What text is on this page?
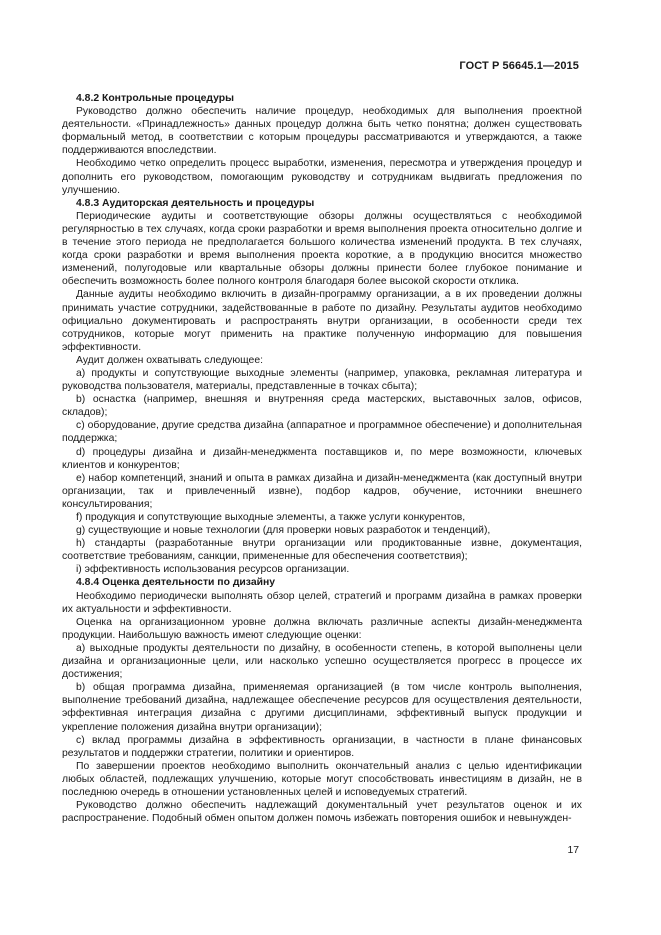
ГОСТ Р 56645.1—2015

4.8.2 Контрольные процедуры

Руководство должно обеспечить наличие процедур, необходимых для выполнения проектной деятельности. «Принадлежность» данных процедур должна быть четко понятна; должен существовать формальный метод, в соответствии с которым процедуры рассматриваются и утверждаются, а также поддерживаются впоследствии.

Необходимо четко определить процесс выработки, изменения, пересмотра и утверждения процедур и дополнить его руководством, помогающим руководству и сотрудникам выдвигать предложения по улучшению.

4.8.3 Аудиторская деятельность и процедуры

Периодические аудиты и соответствующие обзоры должны осуществляться с необходимой регулярностью в тех случаях, когда сроки разработки и время выполнения проекта относительно долгие и в течение этого периода не предполагается большого количества изменений продукта. В тех случаях, когда сроки разработки и время выполнения проекта короткие, а в продукцию вносится множество изменений, полугодовые или квартальные обзоры должны принести более глубокое понимание и обеспечить возможность более полного контроля благодаря более высокой скорости отклика.

Данные аудиты необходимо включить в дизайн-программу организации, а в их проведении должны принимать участие сотрудники, задействованные в работе по дизайну. Результаты аудитов необходимо официально документировать и распространять внутри организации, в особенности среди тех сотрудников, которые могут применить на практике полученную информацию для повышения эффективности.

Аудит должен охватывать следующее:

а) продукты и сопутствующие выходные элементы (например, упаковка, рекламная литература и руководства пользователя, материалы, представленные в точках сбыта);

b) оснастка (например, внешняя и внутренняя среда мастерских, выставочных залов, офисов, складов);

с) оборудование, другие средства дизайна (аппаратное и программное обеспечение) и дополнительная поддержка;

d) процедуры дизайна и дизайн-менеджмента поставщиков и, по мере возможности, ключевых клиентов и конкурентов;

е) набор компетенций, знаний и опыта в рамках дизайна и дизайн-менеджмента (как доступный внутри организации, так и привлеченный извне), подбор кадров, обучение, источники внешнего консультирования;

f) продукция и сопутствующие выходные элементы, а также услуги конкурентов,

g) существующие и новые технологии (для проверки новых разработок и тенденций),

h) стандарты (разработанные внутри организации или продиктованные извне, документация, соответствие требованиям, санкции, примененные для обеспечения соответствия);

i) эффективность использования ресурсов организации.

4.8.4 Оценка деятельности по дизайну

Необходимо периодически выполнять обзор целей, стратегий и программ дизайна в рамках проверки их актуальности и эффективности.

Оценка на организационном уровне должна включать различные аспекты дизайн-менеджмента продукции. Наибольшую важность имеют следующие оценки:

а) выходные продукты деятельности по дизайну, в особенности степень, в которой выполнены цели дизайна и организационные цели, или насколько успешно осуществляется прогресс в процессе их достижения;

b) общая программа дизайна, применяемая организацией (в том числе контроль выполнения, выполнение требований дизайна, надлежащее обеспечение ресурсов для осуществления деятельности, эффективная интеграция дизайна с другими дисциплинами, эффективный выпуск продукции и укрепление положения дизайна внутри организации);

с) вклад программы дизайна в эффективность организации, в частности в плане финансовых результатов и поддержки стратегии, политики и ориентиров.

По завершении проектов необходимо выполнить окончательный анализ с целью идентификации любых областей, подлежащих улучшению, которые могут способствовать инвестициям в дизайн, не в последнюю очередь в отношении установленных целей и исповедуемых стратегий.

Руководство должно обеспечить надлежащий документальный учет результатов оценок и их распространение. Подобный обмен опытом должен помочь избежать повторения ошибок и невынужден-

17
